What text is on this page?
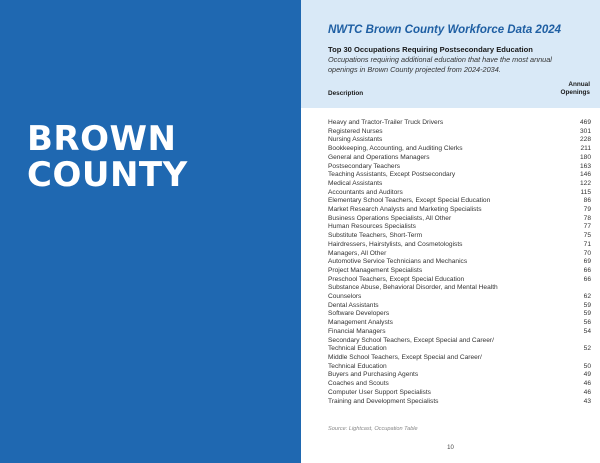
BROWN
COUNTY
NWTC Brown County Workforce Data 2024

Top 30 Occupations Requiring Postsecondary Education

Occupations requiring additional education that have the most annual openings in Brown County projected from 2024-2034.

Description
Annual
Openings
Heavy and Tractor-Trailer Truck Drivers	469
Registered Nurses	301
Nursing Assistants	228
Bookkeeping, Accounting, and Auditing Clerks	211
General and Operations Managers	180
Postsecondary Teachers	163
Teaching Assistants, Except Postsecondary	146
Medical Assistants	122
Accountants and Auditors	115
Elementary School Teachers, Except Special Education	86
Market Research Analysts and Marketing Specialists	79
Business Operations Specialists, All Other	78
Human Resources Specialists	77
Substitute Teachers, Short-Term	75
Hairdressers, Hairstylists, and Cosmetologists	71
Managers, All Other	70
Automotive Service Technicians and Mechanics	69
Project Management Specialists	66
Preschool Teachers, Except Special Education	66
Substance Abuse, Behavioral Disorder, and Mental Health
Counselors	62
Dental Assistants	59
Software Developers	59
Management Analysts	56
Financial Managers	54
Secondary School Teachers, Except Special and Career/
Technical Education	52
Middle School Teachers, Except Special and Career/
Technical Education	50
Buyers and Purchasing Agents	49
Coaches and Scouts	46
Computer User Support Specialists	46
Training and Development Specialists	43

Source: Lightcast, Occupation Table

10
